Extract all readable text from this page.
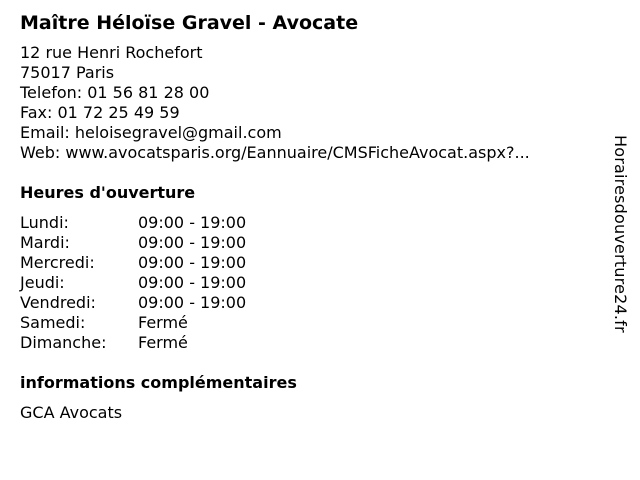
Maître Héloïse Gravel - Avocate
12 rue Henri Rochefort
75017 Paris
Telefon: 01 56 81 28 00
Fax: 01 72 25 49 59
Email: heloisegravel@gmail.com
Web: www.avocatsparis.org/Eannuaire/CMSFicheAvocat.aspx?...
Heures d'ouverture
Lundi:	09:00 - 19:00
Mardi:	09:00 - 19:00
Mercredi:	09:00 - 19:00
Jeudi:	09:00 - 19:00
Vendredi:	09:00 - 19:00
Samedi:	Fermé
Dimanche:	Fermé
informations complémentaires
GCA Avocats
Horairesdouverture24.fr
